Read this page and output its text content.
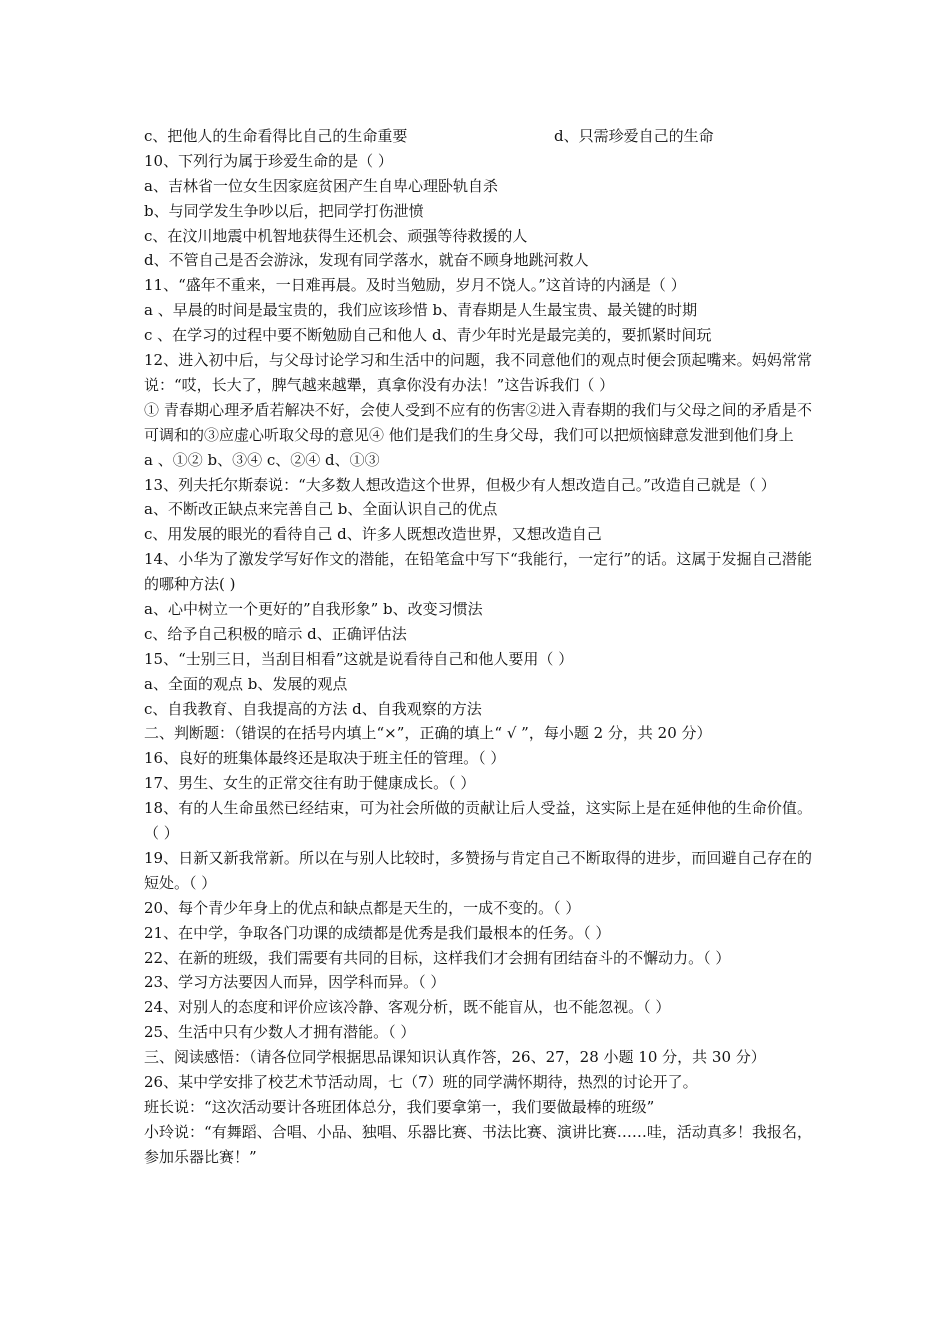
c、把他人的生命看得比自己的生命重要	d、只需珍爱自己的生命
10、下列行为属于珍爱生命的是（ ）
a、吉林省一位女生因家庭贫困产生自卑心理卧轨自杀
b、与同学发生争吵以后，把同学打伤泄愤
c、在汶川地震中机智地获得生还机会、顽强等待救援的人
d、不管自己是否会游泳，发现有同学落水，就奋不顾身地跳河救人
11、“盛年不重来，一日难再晨。及时当勉励，岁月不饶人。”这首诗的内涵是（ ）
a 、早晨的时间是最宝贵的，我们应该珍惜 b、青春期是人生最宝贵、最关键的时期
c 、在学习的过程中要不断勉励自己和他人 d、青少年时光是最完美的，要抓紧时间玩
12、进入初中后，与父母讨论学习和生活中的问题，我不同意他们的观点时便会顶起嘴来。妈妈常常说：“哎，长大了，脾气越来越犟，真拿你没有办法！”这告诉我们（ ）
① 青春期心理矛盾若解决不好，会使人受到不应有的伤害②进入青春期的我们与父母之间的矛盾是不可调和的③应虚心听取父母的意见④ 他们是我们的生身父母，我们可以把烦恼肆意发泄到他们身上
a 、①② b、③④ c、②④ d、①③
13、列夫托尔斯泰说：“大多数人想改造这个世界，但极少有人想改造自己。”改造自己就是（ ）
a、不断改正缺点来完善自己 b、全面认识自己的优点
c、用发展的眼光的看待自己 d、许多人既想改造世界，又想改造自己
14、小华为了激发学写好作文的潜能，在铅笔盒中写下“我能行，一定行”的话。这属于发掘自己潜能的哪种方法( )
a、心中树立一个更好的”自我形象” b、改变习惯法
c、给予自己积极的暗示 d、正确评估法
15、“士别三日，当刮目相看”这就是说看待自己和他人要用（ ）
a、全面的观点 b、发展的观点
c、自我教育、自我提高的方法 d、自我观察的方法
二、判断题：（错误的在括号内填上“×”，正确的填上“ √ ”，每小题 2 分，共 20 分）
16、良好的班集体最终还是取决于班主任的管理。（ ）
17、男生、女生的正常交往有助于健康成长。（ ）
18、有的人生命虽然已经结束，可为社会所做的贡献让后人受益，这实际上是在延伸他的生命价值。（ ）
19、日新又新我常新。所以在与别人比较时，多赞扬与肯定自己不断取得的进步，而回避自己存在的短处。（ ）
20、每个青少年身上的优点和缺点都是天生的，一成不变的。（ ）
21、在中学，争取各门功课的成绩都是优秀是我们最根本的任务。（ ）
22、在新的班级，我们需要有共同的目标，这样我们才会拥有团结奋斗的不懈动力。（ ）
23、学习方法要因人而异，因学科而异。（ ）
24、对别人的态度和评价应该冷静、客观分析，既不能盲从，也不能忽视。（ ）
25、生活中只有少数人才拥有潜能。（ ）
三、阅读感悟：（请各位同学根据思品课知识认真作答，26、27，28 小题 10 分，共 30 分）
26、某中学安排了校艺术节活动周，七（7）班的同学满怀期待，热烈的讨论开了。
班长说：“这次活动要计各班团体总分，我们要拿第一，我们要做最棒的班级”
小玲说：“有舞蹈、合唱、小品、独唱、乐器比赛、书法比赛、演讲比赛……哇，活动真多！我报名，参加乐器比赛！”
